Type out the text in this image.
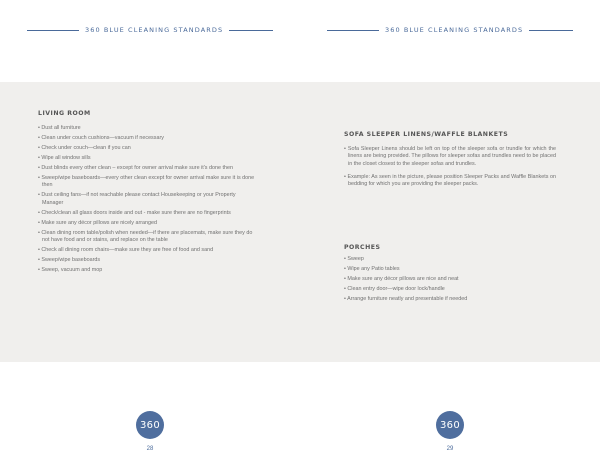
360 BLUE CLEANING STANDARDS	360 BLUE CLEANING STANDARDS
LIVING ROOM
• Dust all furniture
• Clean under couch cushions—vacuum if necessary
• Check under couch—clean if you can
• Wipe all window sills
• Dust blinds every other clean – except for owner arrival make sure it's done then
• Sweep/wipe baseboards—every other clean except for owner arrival make sure it is done then
• Dust ceiling fans—if not reachable please contact Housekeeping or your Property Manager
• Check/clean all glass doors inside and out - make sure there are no fingerprints
• Make sure any décor pillows are nicely arranged
• Clean dining room table/polish when needed—if there are placemats, make sure they do not have food and or stains, and replace on the table
• Check all dining room chairs—make sure they are free of food and sand
• Sweep/wipe baseboards
• Sweep, vacuum and mop
SOFA SLEEPER LINENS/WAFFLE BLANKETS
• Sofa Sleeper Linens should be left on top of the sleeper sofa or trundle for which the linens are being provided. The pillows for sleeper sofas and trundles need to be placed in the closet closest to the sleeper sofas and trundles.
• Example: As seen in the picture, please position Sleeper Packs and Waffle Blankets on bedding for which you are providing the sleeper packs.
PORCHES
• Sweep
• Wipe any Patio tables
• Make sure any décor pillows are nice and neat
• Clean entry door—wipe door lock/handle
• Arrange furniture neatly and presentable if needed
360
28
360
29
